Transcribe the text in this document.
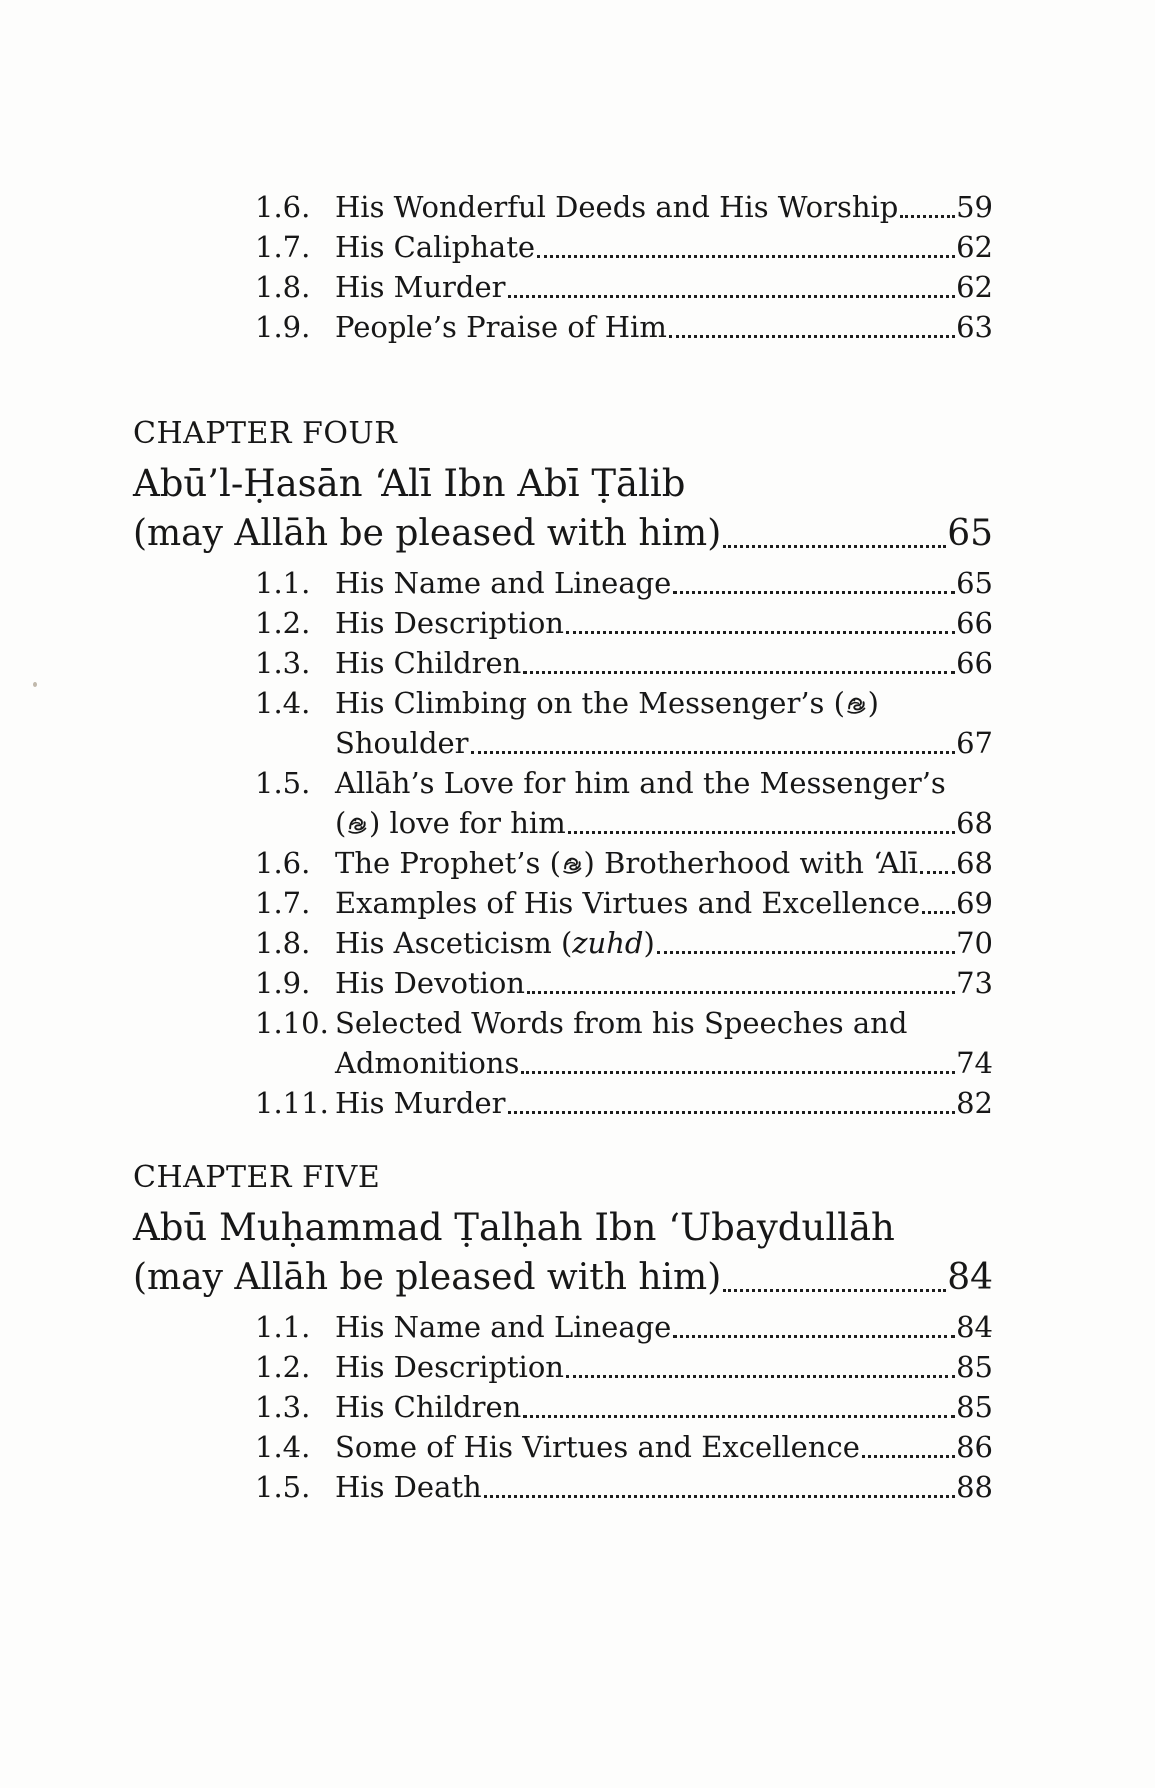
1.6. His Wonderful Deeds and His Worship 59
1.7. His Caliphate	62
1.8. His Murder	62
1.9. People’s Praise of Him	63
CHAPTER FOUR
Abū’l-Ḥasān ‘Alī Ibn Abī Ṭālib
(may Allāh be pleased with him)	65
1.1. His Name and Lineage	65
1.2. His Description	66
1.3. His Children	66
1.4. His Climbing on the Messenger’s ( )
Shoulder	67
1.5. Allāh’s Love for him and the Messenger’s
( ) love for him	68
1.6. The Prophet’s ( ) Brotherhood with ‘Alī 68
1.7. Examples of His Virtues and Excellence 69
1.8. His Asceticism (zuhd)	70
1.9. His Devotion	73
1.10. Selected Words from his Speeches and
Admonitions	74
1.11. His Murder	82
CHAPTER FIVE
Abū Muḥammad Ṭalḥah Ibn ‘Ubaydullāh
(may Allāh be pleased with him)	84
1.1. His Name and Lineage	84
1.2. His Description	85
1.3. His Children	85
1.4. Some of His Virtues and Excellence	86
1.5. His Death	88
